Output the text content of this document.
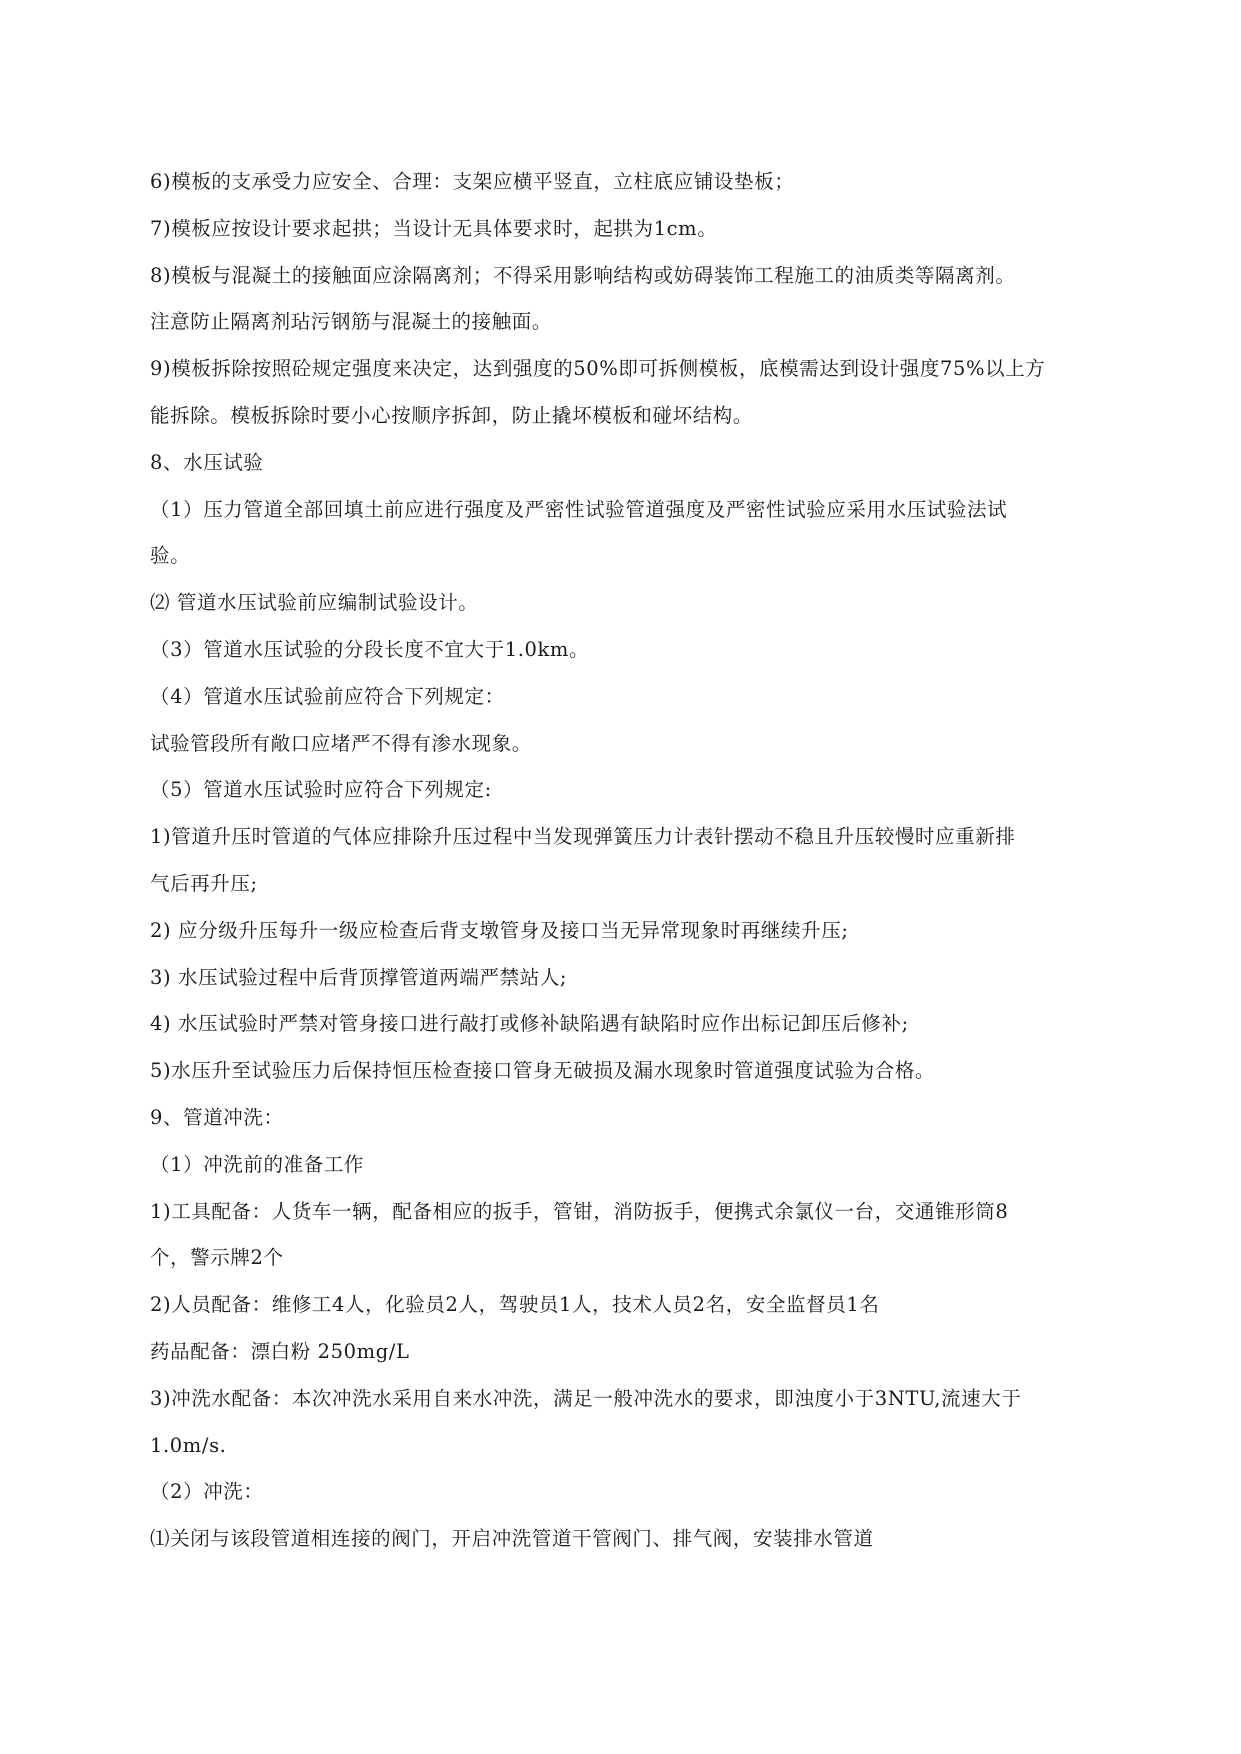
6)模板的支承受力应安全、合理：支架应横平竖直，立柱底应铺设垫板；
7)模板应按设计要求起拱；当设计无具体要求时，起拱为1cm。
8)模板与混凝土的接触面应涂隔离剂；不得采用影响结构或妨碍装饰工程施工的油质类等隔离剂。
注意防止隔离剂玷污钢筋与混凝土的接触面。
9)模板拆除按照砼规定强度来决定，达到强度的50%即可拆侧模板，底模需达到设计强度75%以上方
能拆除。模板拆除时要小心按顺序拆卸，防止撬坏模板和碰坏结构。
8、水压试验
（1）压力管道全部回填土前应进行强度及严密性试验管道强度及严密性试验应采用水压试验法试
验。
⑵ 管道水压试验前应编制试验设计。
（3）管道水压试验的分段长度不宜大于1.0km。
（4）管道水压试验前应符合下列规定：
试验管段所有敞口应堵严不得有渗水现象。
（5）管道水压试验时应符合下列规定:
1)管道升压时管道的气体应排除升压过程中当发现弹簧压力计表针摆动不稳且升压较慢时应重新排
气后再升压;
2) 应分级升压每升一级应检查后背支墩管身及接口当无异常现象时再继续升压;
3) 水压试验过程中后背顶撑管道两端严禁站人;
4) 水压试验时严禁对管身接口进行敲打或修补缺陷遇有缺陷时应作出标记卸压后修补;
5)水压升至试验压力后保持恒压检查接口管身无破损及漏水现象时管道强度试验为合格。
9、管道冲洗：
（1）冲洗前的准备工作
1)工具配备：人货车一辆，配备相应的扳手，管钳，消防扳手，便携式余氯仪一台，交通锥形筒8
个，警示牌2个
2)人员配备：维修工4人，化验员2人，驾驶员1人，技术人员2名，安全监督员1名
药品配备：漂白粉 250mg/L
3)冲洗水配备：本次冲洗水采用自来水冲洗，满足一般冲洗水的要求，即浊度小于3NTU,流速大于
1.0m/s.
（2）冲洗：
⑴关闭与该段管道相连接的阀门，开启冲洗管道干管阀门、排气阀，安装排水管道
